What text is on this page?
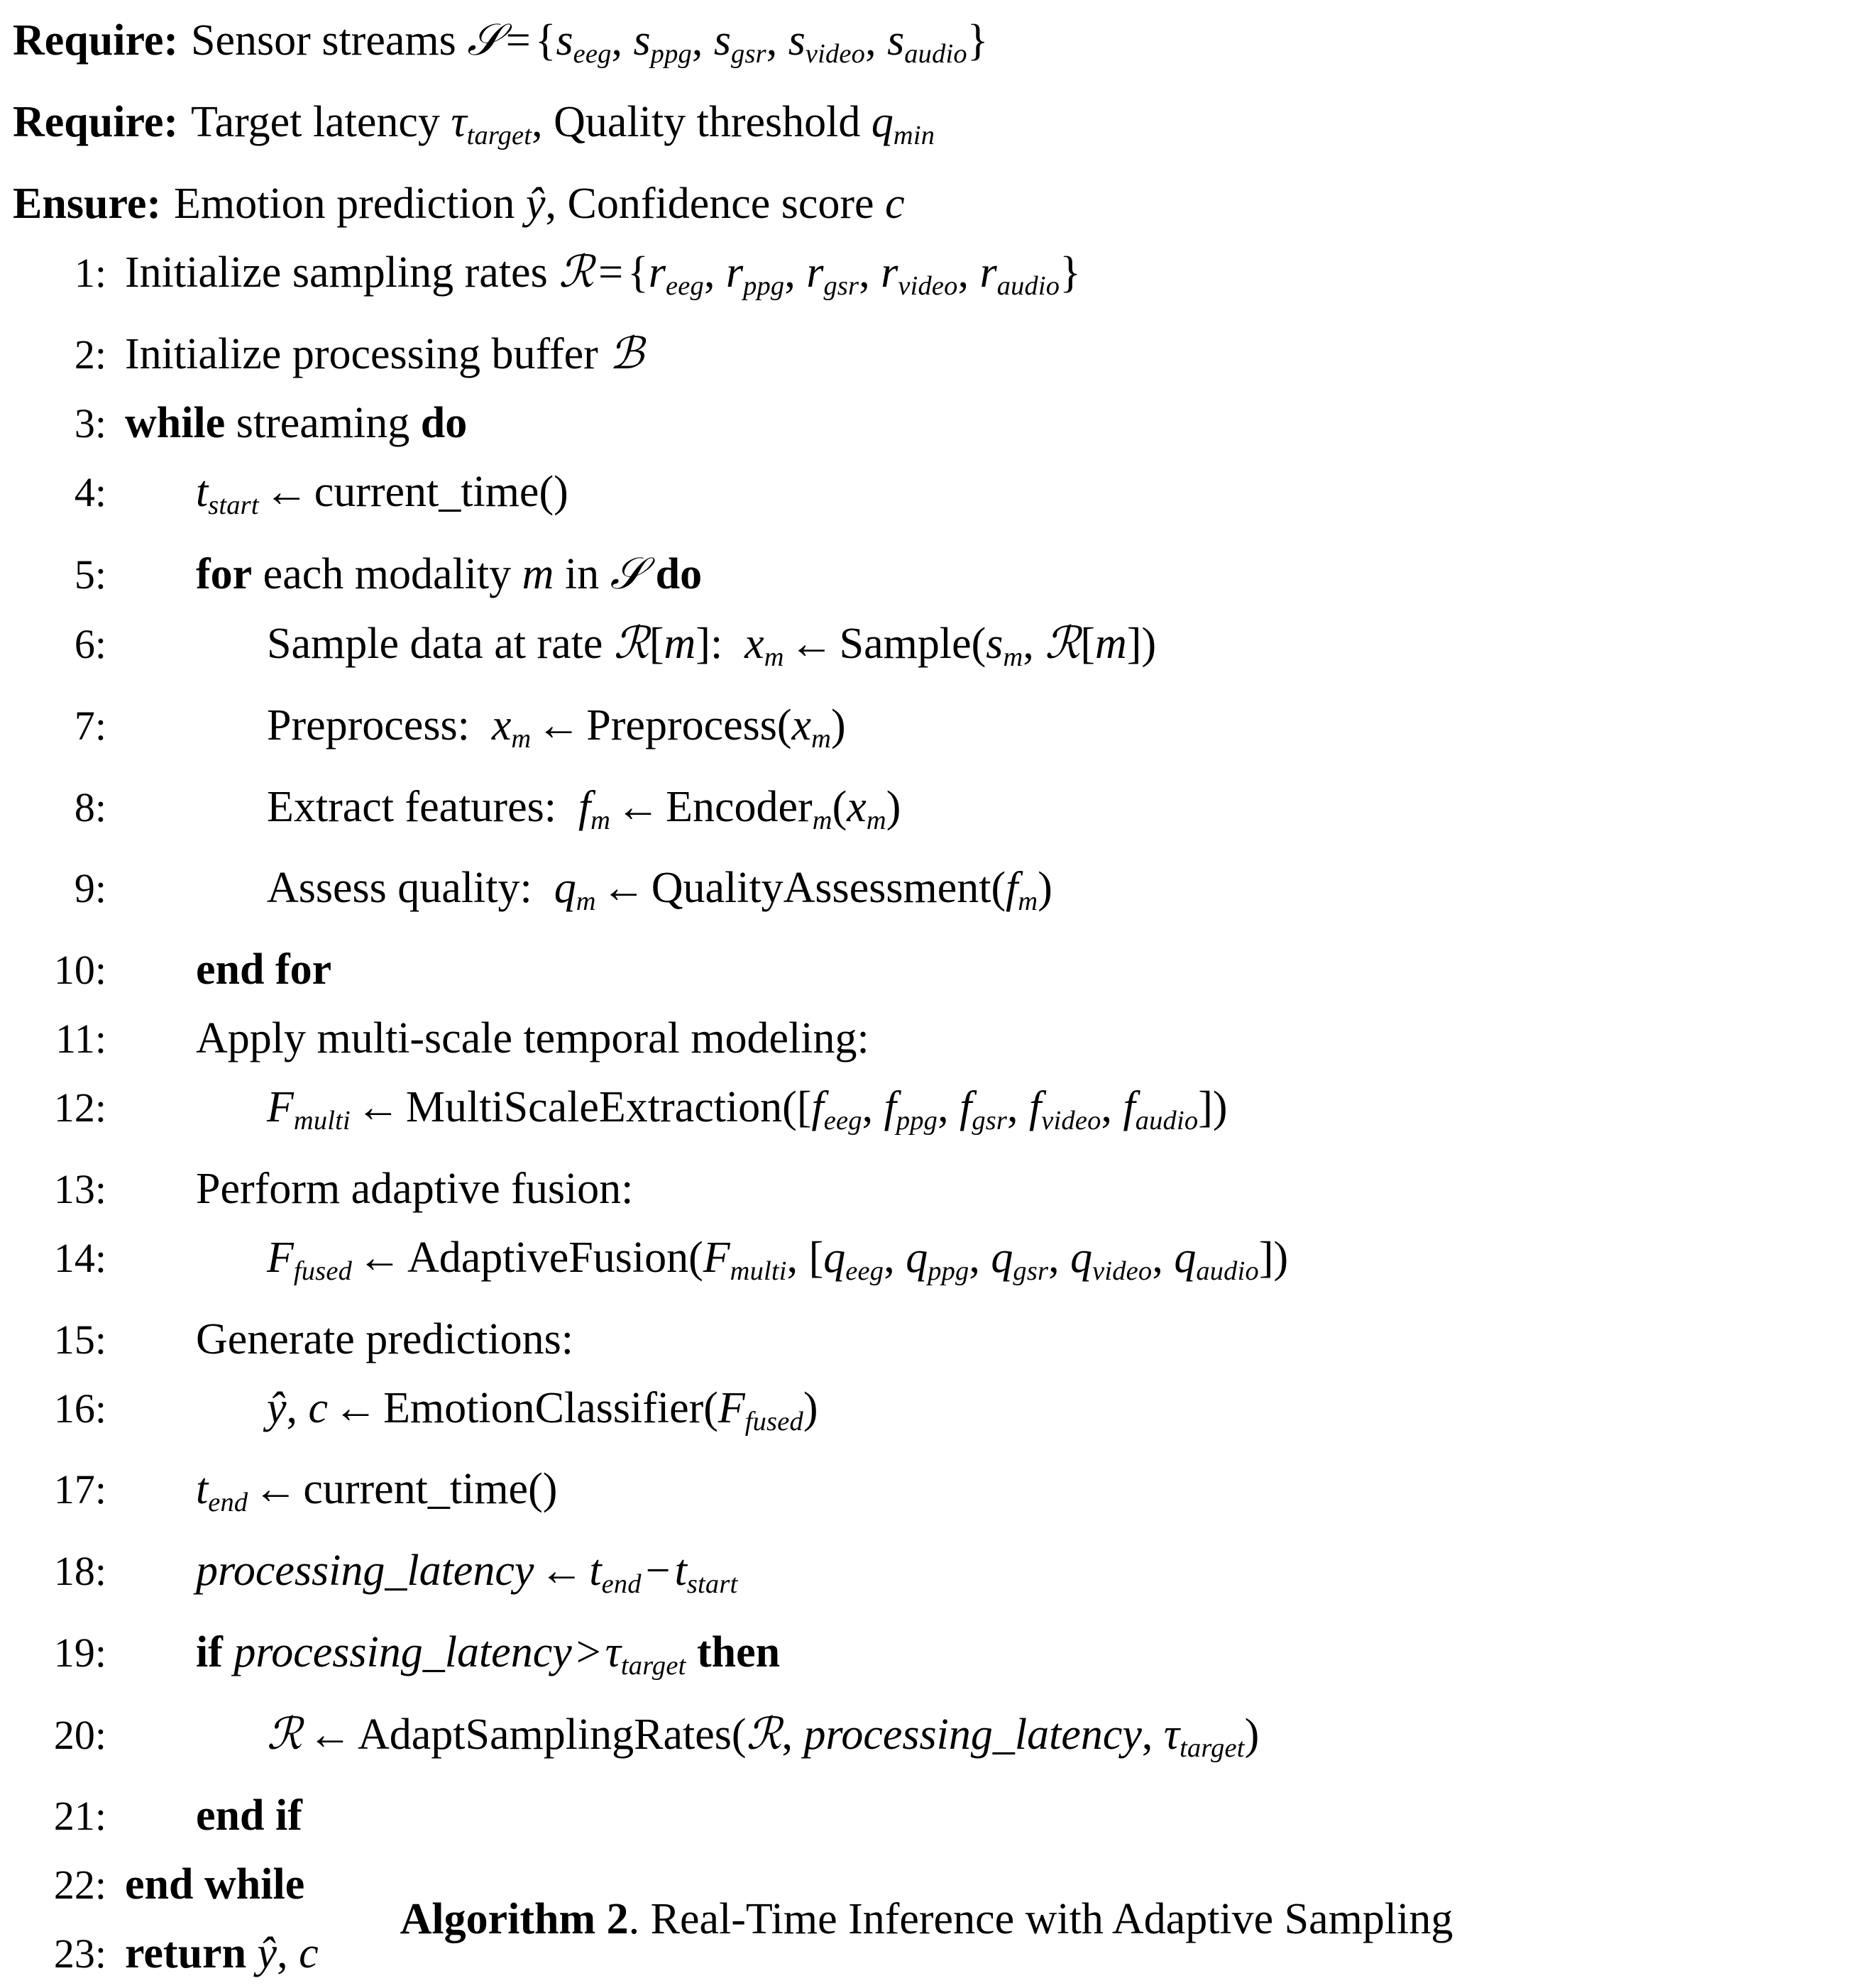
Require: Sensor streams $𝒮=\{s_{eeg}$, $s_{ppg}$, $s_{gsr}$, $s_{video}$, $s_{audio}$}
Require: Target latency $\tau_{target}$, Quality threshold $q_{min}$
Ensure: Emotion prediction ŷ, Confidence score c
1: Initialize sampling rates $ℛ=\{r_{eeg}$, $r_{ppg}$, $r_{gsr}$, $r_{video}$, $r_{audio}$}
2: Initialize processing buffer ℬ
3: while streaming do
4:	$t_{start}$ ← current_time()
5:	for each modality m in 𝒮 do
6:	Sample data at rate ℛ[m]:  $x_m$ ← $Sample(s_m$, ℛ[m])
7:	Preprocess: $x_m$ ← $Preprocess(x_m)$
8:	Extract features: $f_m$ ← $Encoder_m(x_m)$
9:	Assess quality: $q_m$ ← $QualityAssessment(f_m)$
10:	end for
11:	Apply multi-scale temporal modeling:
12:	$F_{multi}$ ← $MultiScaleExtraction([f_{eeg}$, $f_{ppg}$, $f_{gsr}$, $f_{video}$, $f_{audio}$])
13:	Perform adaptive fusion:
14:	$F_{fused}$ ← $AdaptiveFusion(F_{multi}$, [$q_{eeg}$, $q_{ppg}$, $q_{gsr}$, $q_{video}$, $q_{audio}$])
15:	Generate predictions:
16:	ŷ, c ← $EmotionClassifier(F_{fused})$
17:	$t_{end}$ ← current_time()
18:	processing_latency ← $t_{end}-t_{start}$
19:	if $processing\_latency>\tau_{target}$ then
20:	ℛ ← AdaptSamplingRates(ℛ, processing_latency, $\tau_{target}$)
21:	end if
22: end while
23: return ŷ, c
Algorithm 2. Real-Time Inference with Adaptive Sampling
